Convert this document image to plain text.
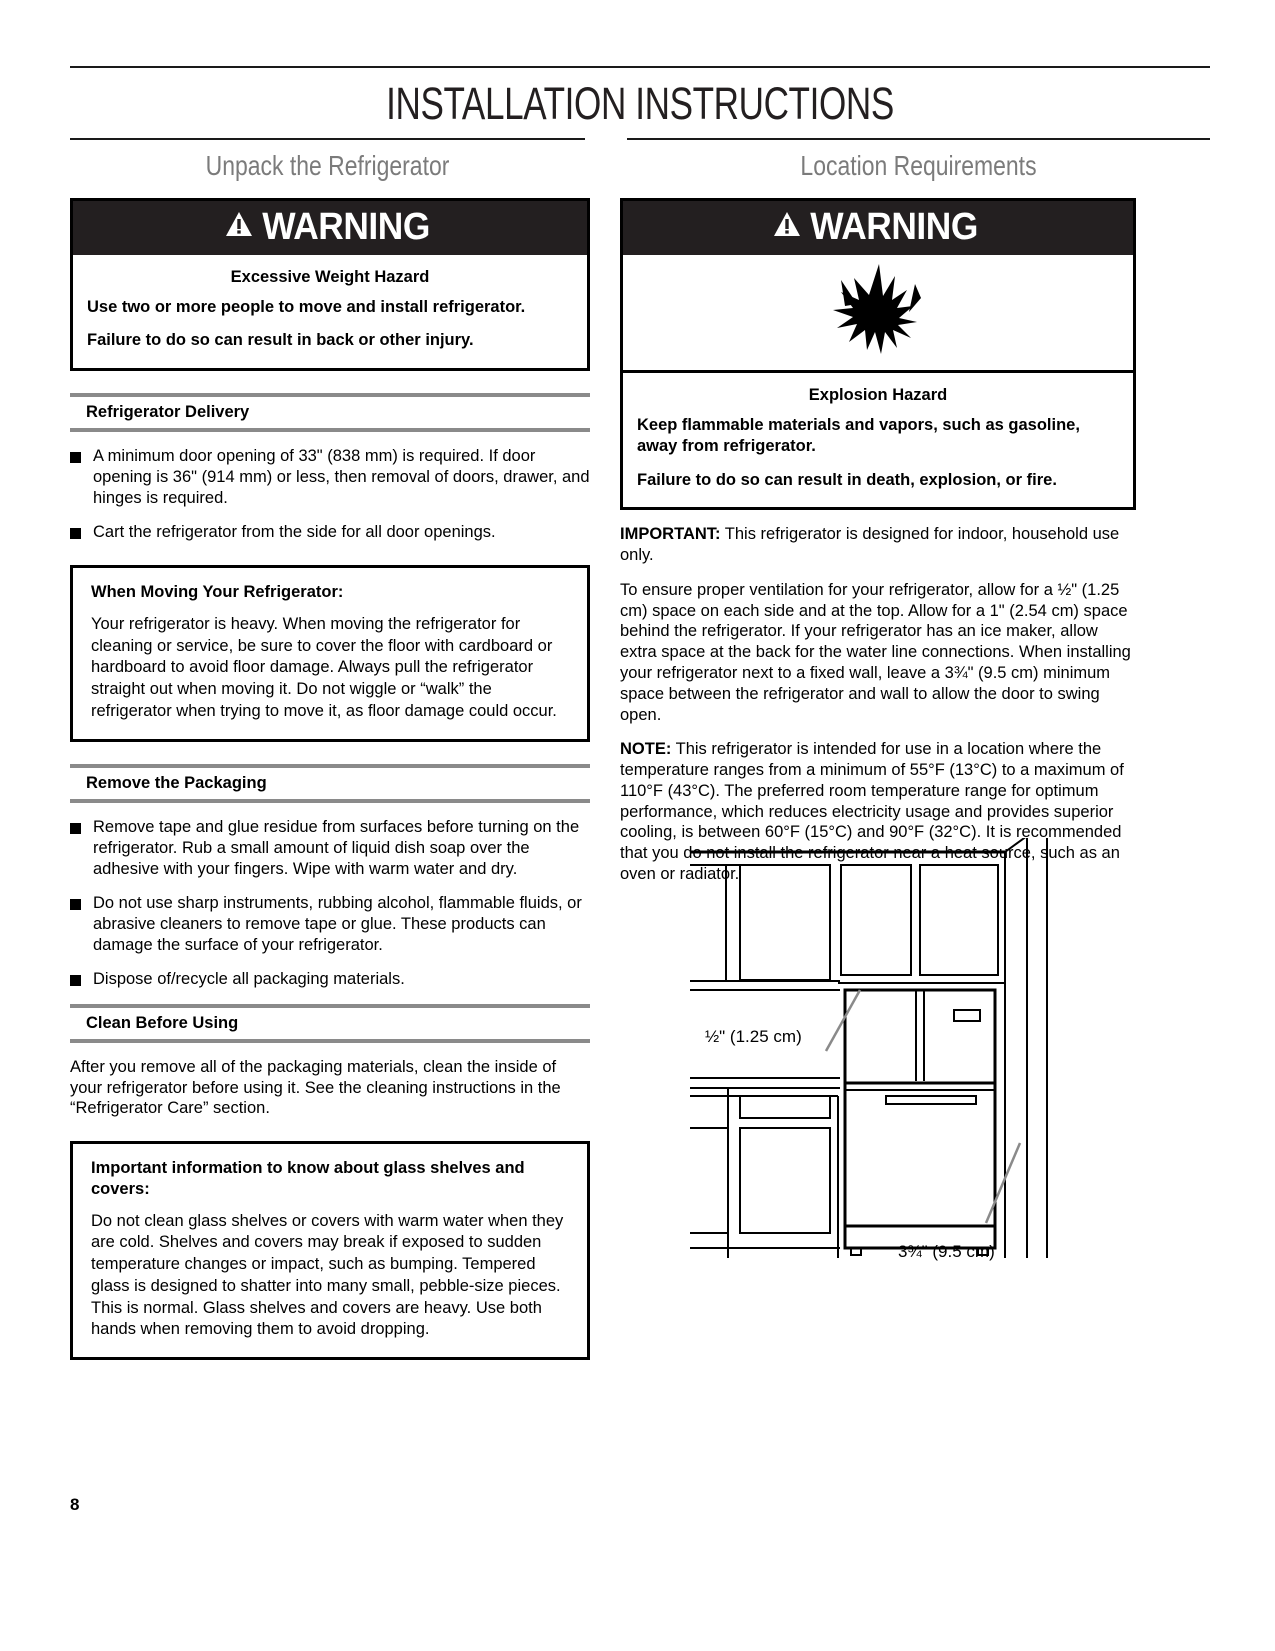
INSTALLATION INSTRUCTIONS
Unpack the Refrigerator	Location Requirements
WARNING
Excessive Weight Hazard
Use two or more people to move and install refrigerator.
Failure to do so can result in back or other injury.
Refrigerator Delivery
A minimum door opening of 33" (838 mm) is required. If door opening is 36" (914 mm) or less, then removal of doors, drawer, and hinges is required.
Cart the refrigerator from the side for all door openings.
When Moving Your Refrigerator:
Your refrigerator is heavy. When moving the refrigerator for cleaning or service, be sure to cover the floor with cardboard or hardboard to avoid floor damage. Always pull the refrigerator straight out when moving it. Do not wiggle or “walk” the refrigerator when trying to move it, as floor damage could occur.
Remove the Packaging
Remove tape and glue residue from surfaces before turning on the refrigerator. Rub a small amount of liquid dish soap over the adhesive with your fingers. Wipe with warm water and dry.
Do not use sharp instruments, rubbing alcohol, flammable fluids, or abrasive cleaners to remove tape or glue. These products can damage the surface of your refrigerator.
Dispose of/recycle all packaging materials.
Clean Before Using
After you remove all of the packaging materials, clean the inside of your refrigerator before using it. See the cleaning instructions in the “Refrigerator Care” section.
Important information to know about glass shelves and covers:
Do not clean glass shelves or covers with warm water when they are cold. Shelves and covers may break if exposed to sudden temperature changes or impact, such as bumping. Tempered glass is designed to shatter into many small, pebble-size pieces. This is normal. Glass shelves and covers are heavy. Use both hands when removing them to avoid dropping.
WARNING
Explosion Hazard
Keep flammable materials and vapors, such as gasoline, away from refrigerator.
Failure to do so can result in death, explosion, or fire.
IMPORTANT: This refrigerator is designed for indoor, household use only.
To ensure proper ventilation for your refrigerator, allow for a ½" (1.25 cm) space on each side and at the top. Allow for a 1" (2.54 cm) space behind the refrigerator. If your refrigerator has an ice maker, allow extra space at the back for the water line connections. When installing your refrigerator next to a fixed wall, leave a 3¾" (9.5 cm) minimum space between the refrigerator and wall to allow the door to swing open.
NOTE: This refrigerator is intended for use in a location where the temperature ranges from a minimum of 55°F (13°C) to a maximum of 110°F (43°C). The preferred room temperature range for optimum performance, which reduces electricity usage and provides superior cooling, is between 60°F (15°C) and 90°F (32°C). It is recommended that you do not install the refrigerator near a heat source, such as an oven or radiator.
½" (1.25 cm)
3¾" (9.5 cm)
8
